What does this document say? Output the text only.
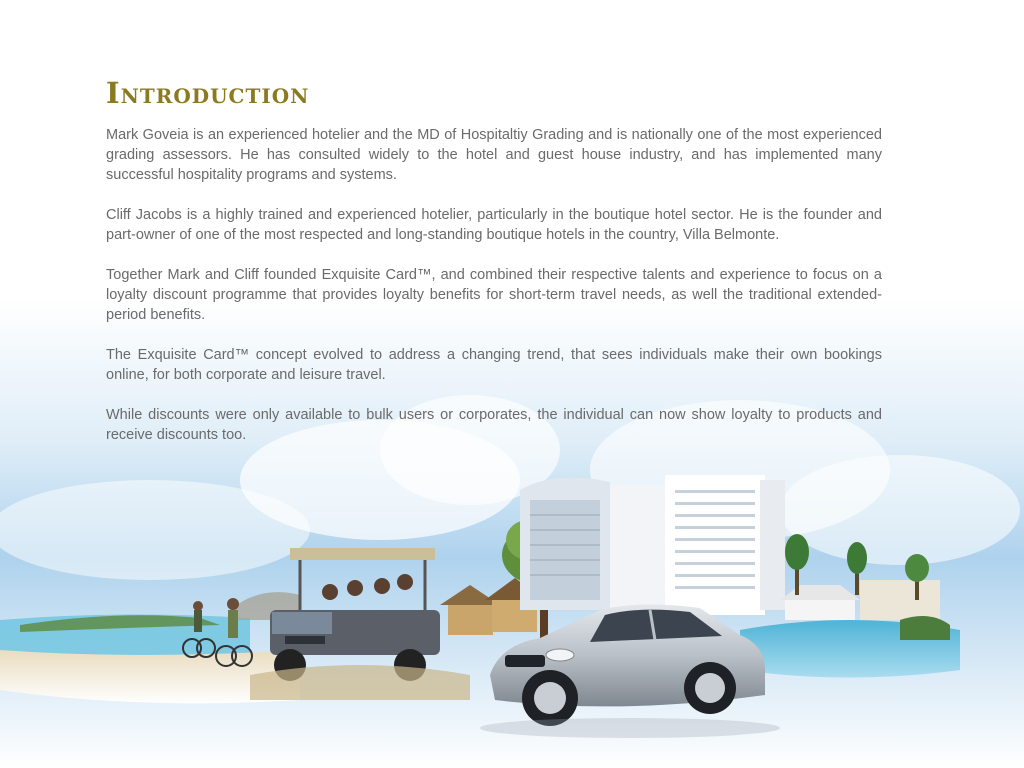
Introduction

Mark Goveia is an experienced hotelier and the MD of Hospitaltiy Grading and is nationally one of the most experienced grading assessors. He has consulted widely to the hotel and guest house industry, and has implemented many successful hospitality programs and systems.

Cliff Jacobs is a highly trained and experienced hotelier, particularly in the boutique hotel sector. He is the founder and part-owner of one of the most respected and long-standing boutique hotels in the country, Villa Belmonte.

Together Mark and Cliff founded Exquisite Card™, and combined their respective talents and experience to focus on a loyalty discount programme that provides loyalty benefits for short-term travel needs, as well the traditional extended-period benefits.

The Exquisite Card™ concept evolved to address a changing trend, that sees individuals make their own bookings online, for both corporate and leisure travel.

While discounts were only available to bulk users or corporates, the individual can now show loyalty to products and receive discounts too.
